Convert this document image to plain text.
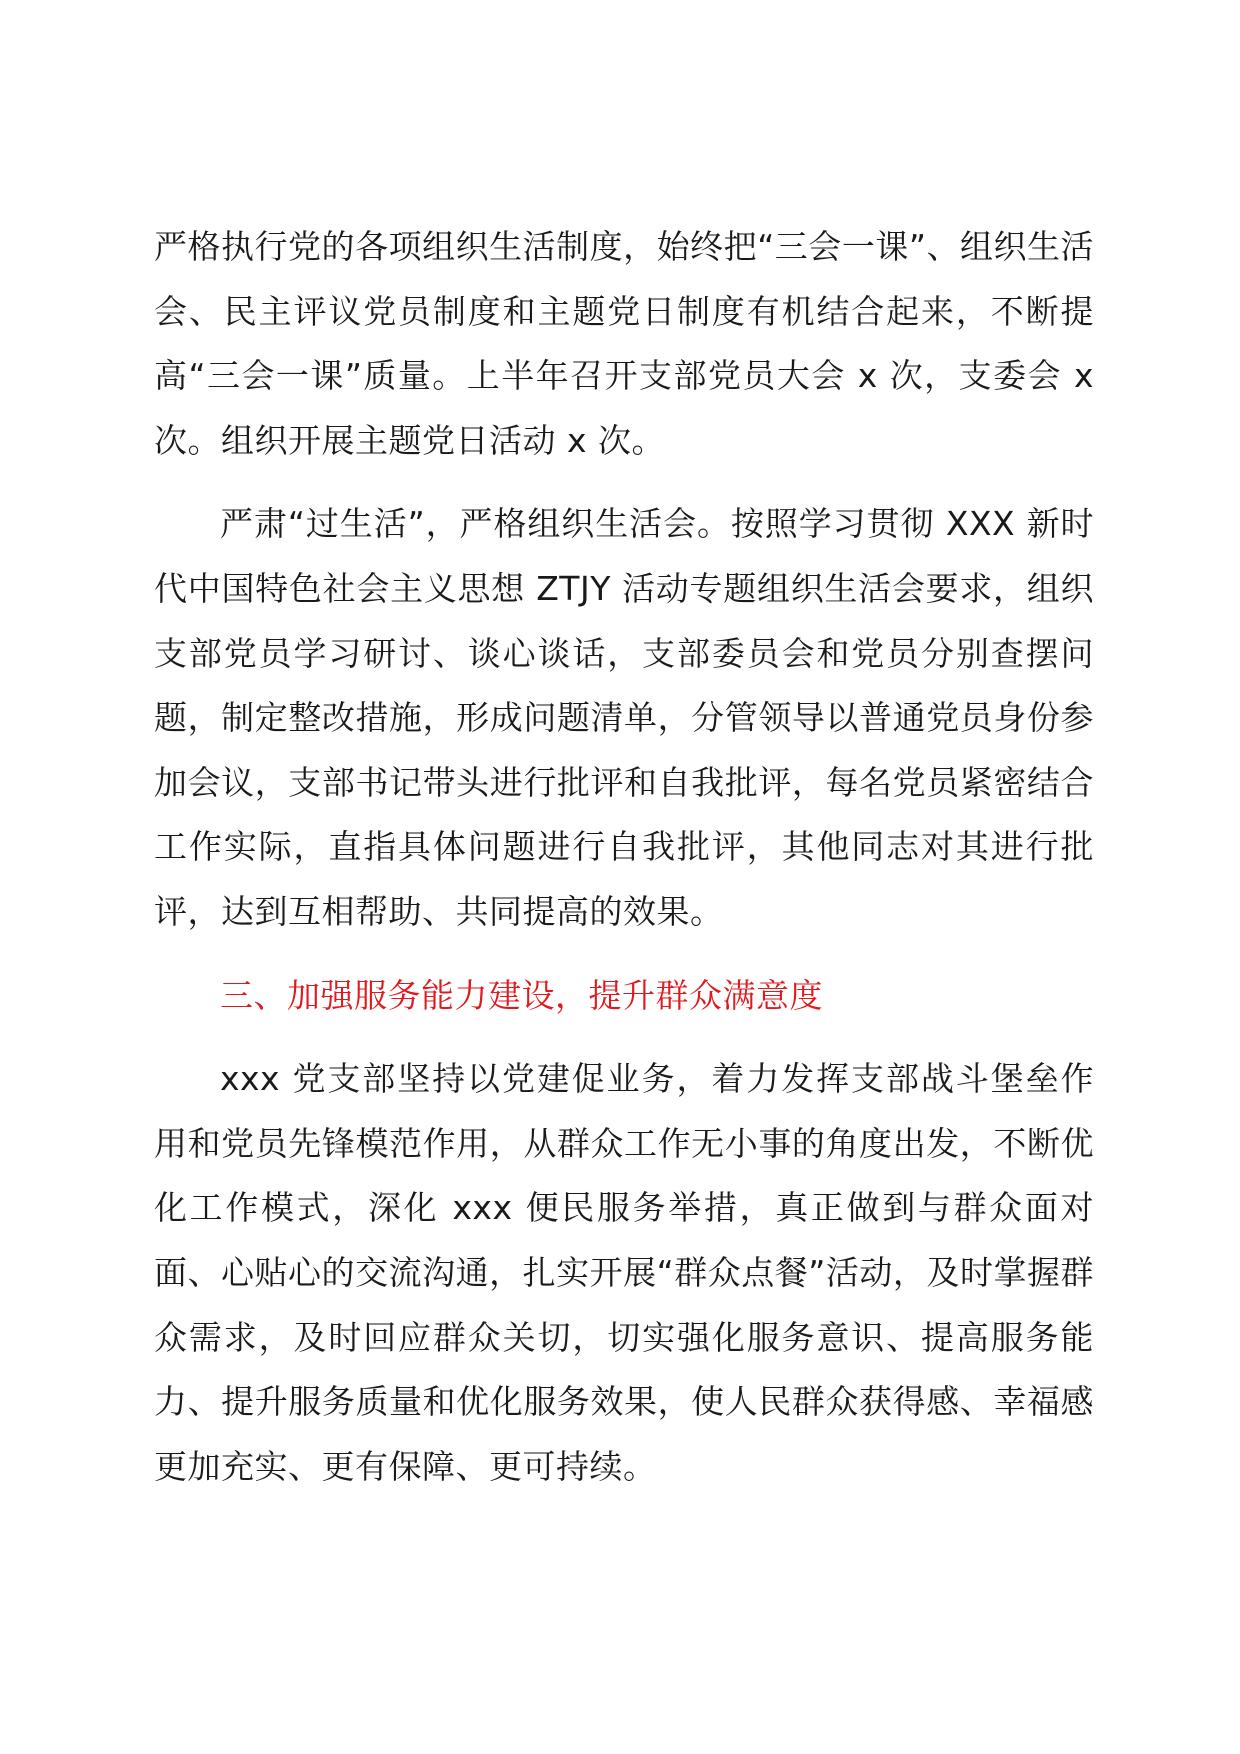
严格执行党的各项组织生活制度，始终把“三会一课”、组织生活会、民主评议党员制度和主题党日制度有机结合起来，不断提高“三会一课”质量。上半年召开支部党员大会 x 次，支委会 x 次。组织开展主题党日活动 x 次。

严肃“过生活”，严格组织生活会。按照学习贯彻 XXX 新时代中国特色社会主义思想 ZTJY 活动专题组织生活会要求，组织支部党员学习研讨、谈心谈话，支部委员会和党员分别查摆问题，制定整改措施，形成问题清单，分管领导以普通党员身份参加会议，支部书记带头进行批评和自我批评，每名党员紧密结合工作实际，直指具体问题进行自我批评，其他同志对其进行批评，达到互相帮助、共同提高的效果。

三、加强服务能力建设，提升群众满意度

xxx 党支部坚持以党建促业务，着力发挥支部战斗堡垒作用和党员先锋模范作用，从群众工作无小事的角度出发，不断优化工作模式，深化 xxx 便民服务举措，真正做到与群众面对面、心贴心的交流沟通，扎实开展“群众点餐”活动，及时掌握群众需求，及时回应群众关切，切实强化服务意识、提高服务能力、提升服务质量和优化服务效果，使人民群众获得感、幸福感更加充实、更有保障、更可持续。
